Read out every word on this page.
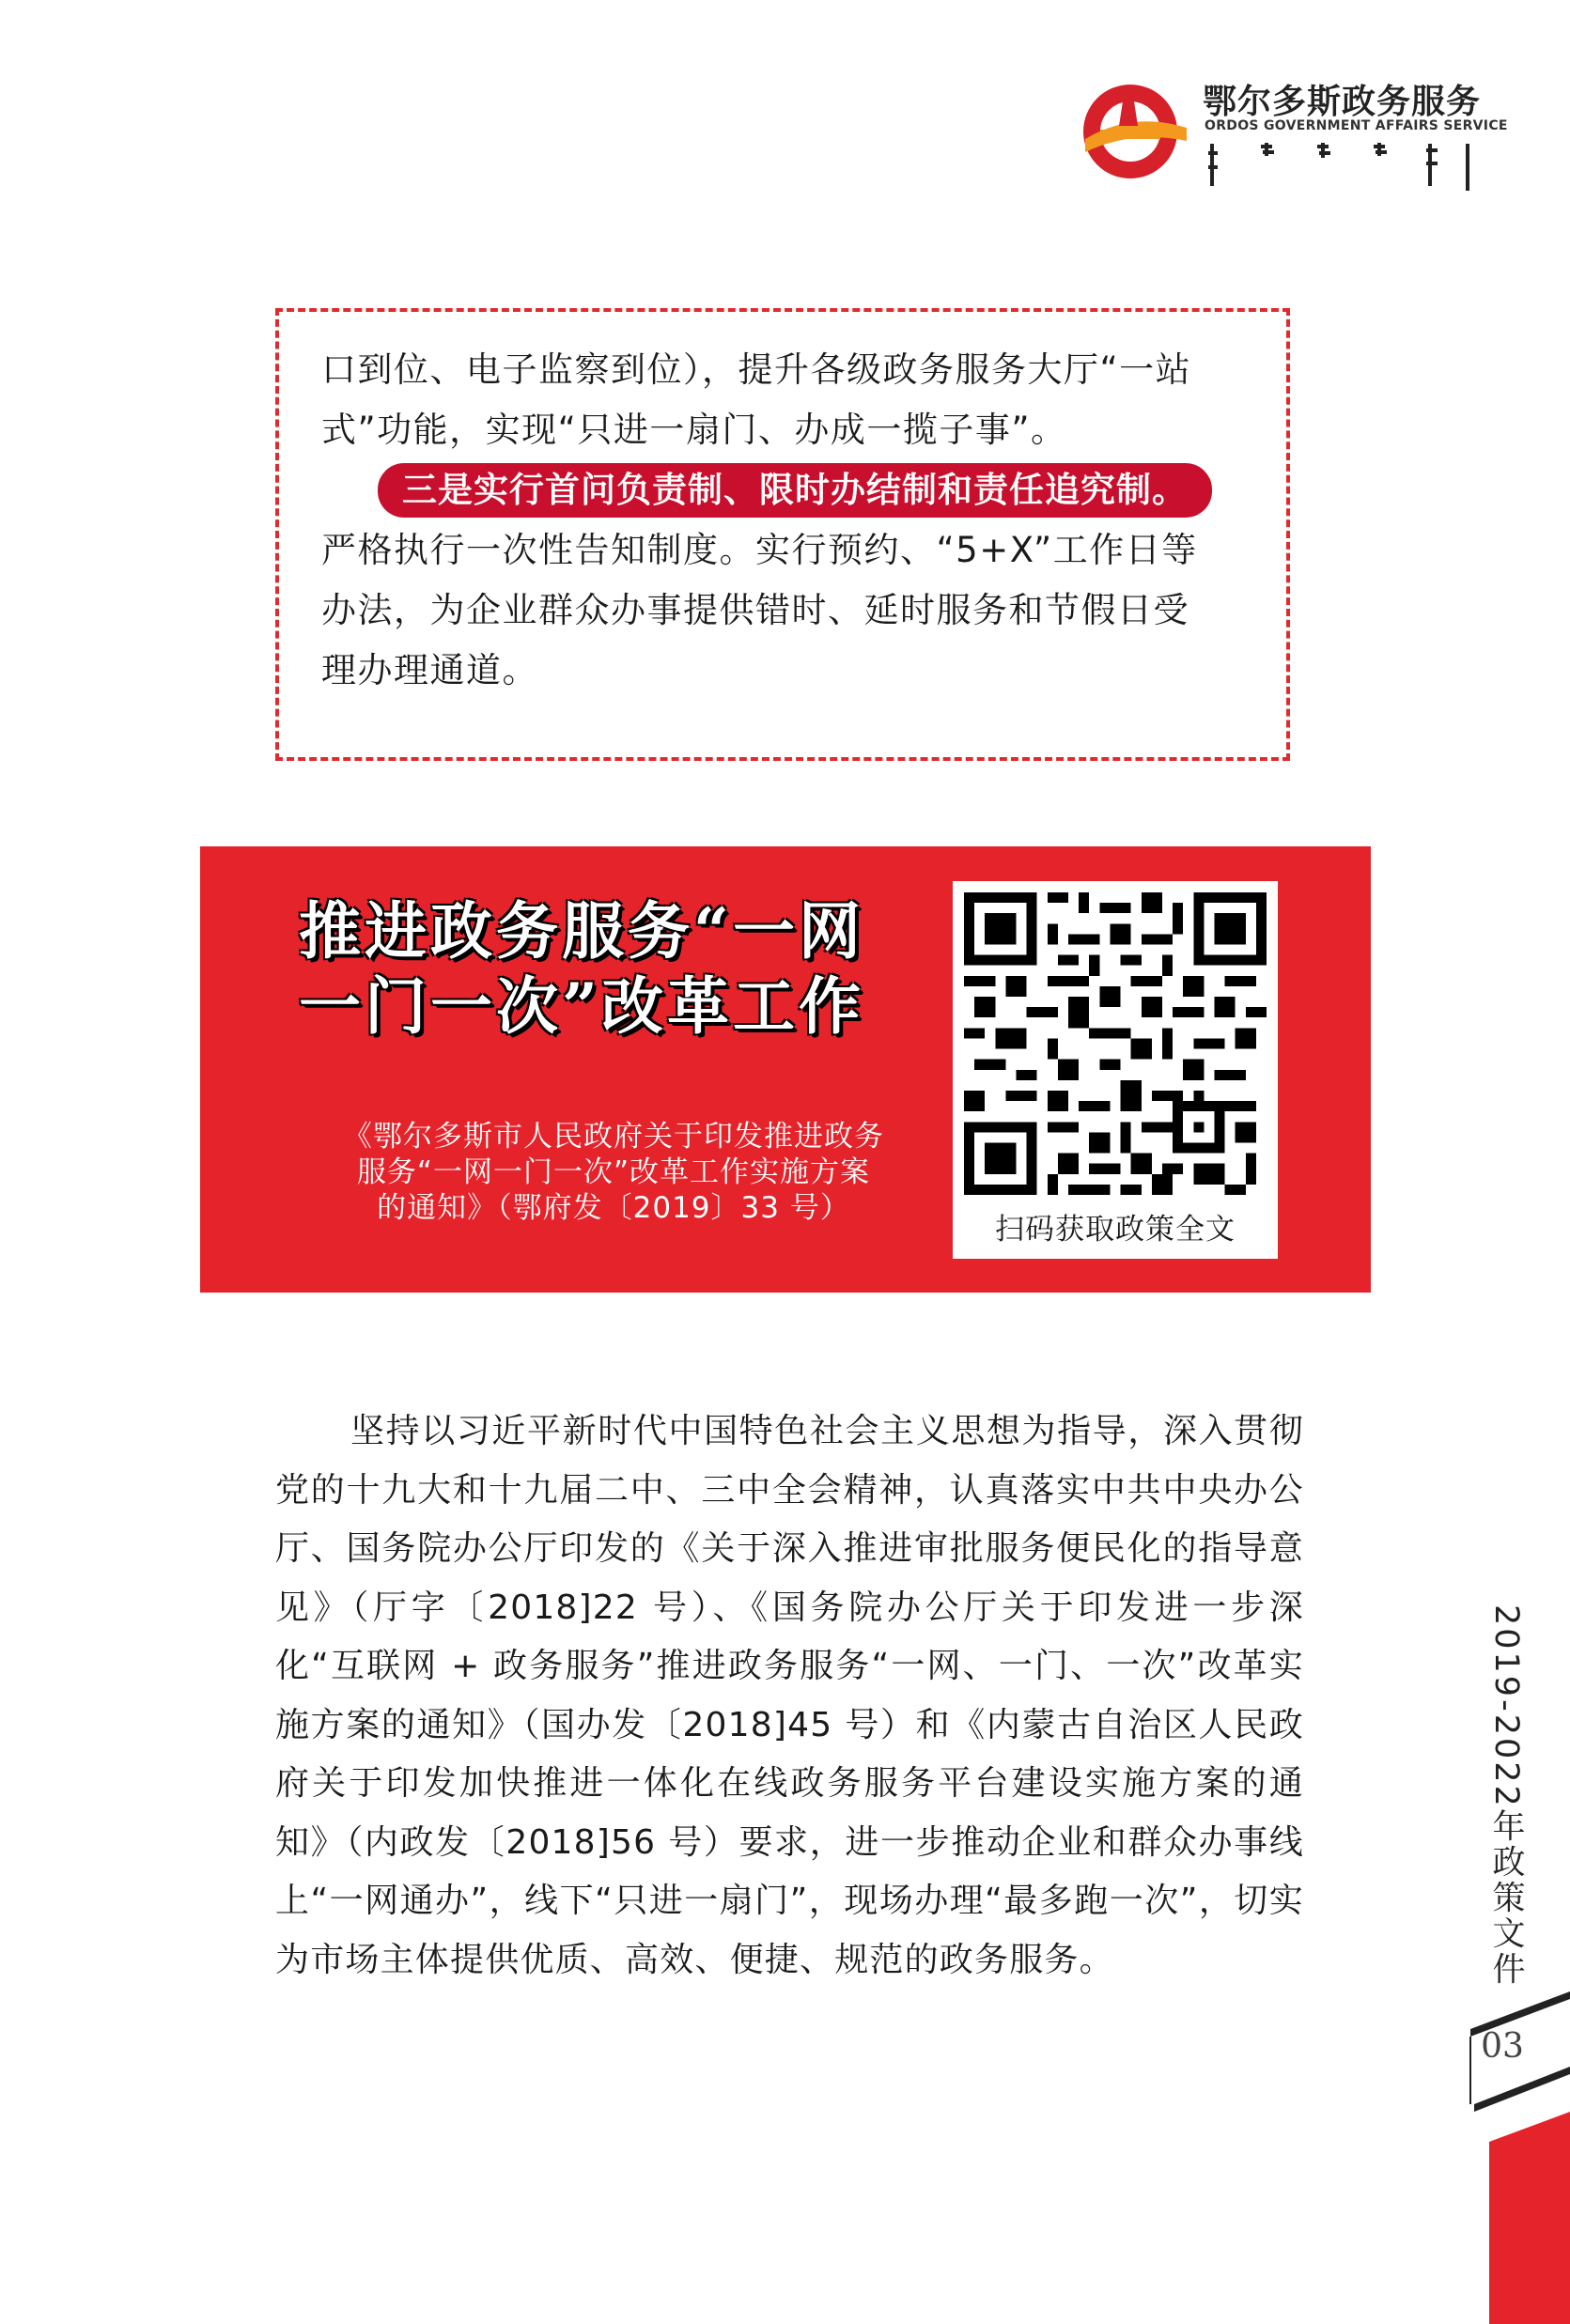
鄂尔多斯政务服务
ORDOS GOVERNMENT AFFAIRS SERVICE

口到位、电子监察到位），提升各级政务服务大厅“一站

式”功能，实现“只进一扇门、办成一揽子事”。

三是实行首问负责制、限时办结制和责任追究制。

严格执行一次性告知制度。实行预约、“5+X”工作日等

办法，为企业群众办事提供错时、延时服务和节假日受

理办理通道。

推进政务服务“一网
一门一次”改革工作
《鄂尔多斯市人民政府关于印发推进政务
服务“一网一门一次”改革工作实施方案
的通知》（鄂府发〔2019〕33 号）
扫码获取政策全文

坚持以习近平新时代中国特色社会主义思想为指导，深入贯彻党的十九大和十九届二中、三中全会精神，认真落实中共中央办公厅、国务院办公厅印发的《关于深入推进审批服务便民化的指导意见》（厅字〔2018]22 号）、《国务院办公厅关于印发进一步深化“互联网 + 政务服务”推进政务服务“一网、一门、一次”改革实施方案的通知》（国办发〔2018]45 号）和《内蒙古自治区人民政府关于印发加快推进一体化在线政务服务平台建设实施方案的通知》（内政发〔2018]56 号）要求，进一步推动企业和群众办事线上“一网通办”，线下“只进一扇门”，现场办理“最多跑一次”，切实为市场主体提供优质、高效、便捷、规范的政务服务。	2019-2022年政策文件
03
